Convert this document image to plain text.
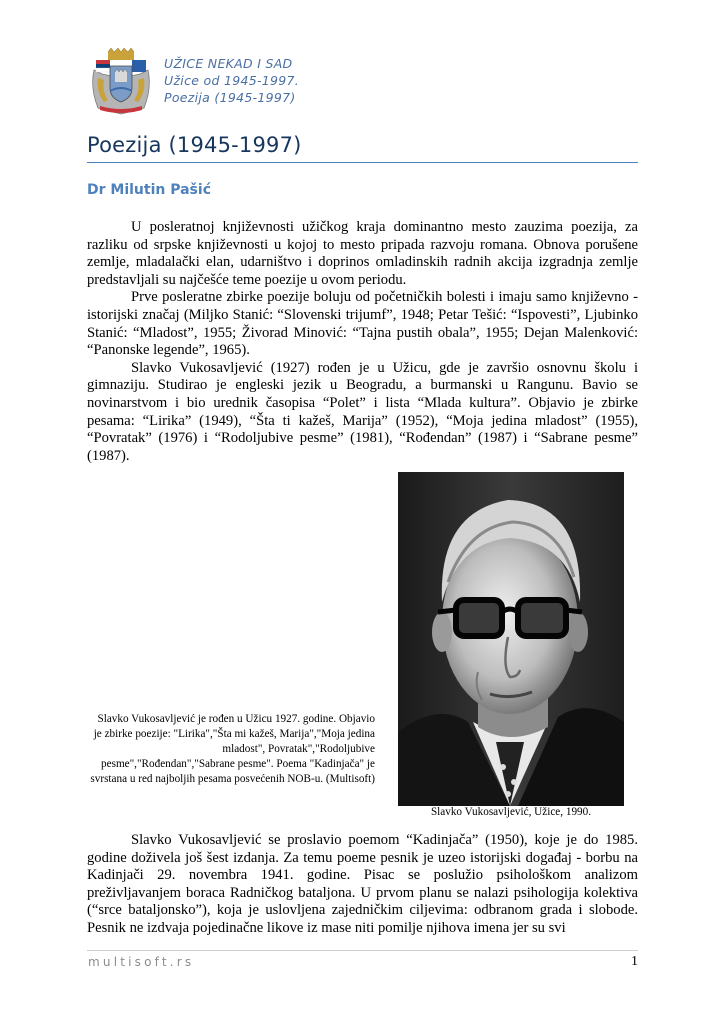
UŽICE NEKAD I SAD
Užice od 1945-1997.
Poezija (1945-1997)
Poezija (1945-1997)
Dr Milutin Pašić

U posleratnoj književnosti užičkog kraja dominantno mesto zauzima poezija, za razliku od srpske književnosti u kojoj to mesto pripada razvoju romana. Obnova porušene zemlje, mladalački elan, udarništvo i doprinos omladinskih radnih akcija izgradnja zemlje predstavljali su najčešće teme poezije u ovom periodu.

Prve posleratne zbirke poezije boluju od početničkih bolesti i imaju samo književno - istorijski značaj (Miljko Stanić: “Slovenski trijumf”, 1948; Petar Tešić: “Ispovesti”, Ljubinko Stanić: “Mladost”, 1955; Živorad Minović: “Tajna pustih obala”, 1955; Dejan Malenković: “Panonske legende”, 1965).

Slavko Vukosavljević (1927) rođen je u Užicu, gde je završio osnovnu školu i gimnaziju. Studirao je engleski jezik u Beogradu, a burmanski u Rangunu. Bavio se novinarstvom i bio urednik časopisa “Polet” i lista “Mlada kultura”. Objavio je zbirke pesama: “Lirika” (1949), “Šta ti kažeš, Marija” (1952), “Moja jedina mladost” (1955), “Povratak” (1976) i “Rodoljubive pesme” (1981), “Rođendan” (1987) i “Sabrane pesme” (1987).

Slavko Vukosavljević je rođen u Užicu 1927. godine. Objavio je zbirke poezije: "Lirika","Šta mi kažeš, Marija","Moja jedina mladost", Povratak","Rodoljubive pesme","Rođendan","Sabrane pesme". Poema "Kadinjača" je svrstana u red najboljih pesama posvećenih NOB-u. (Multisoft)
Slavko Vukosavljević, Užice, 1990.

Slavko Vukosavljević se proslavio poemom “Kadinjača” (1950), koje je do 1985. godine doživela još šest izdanja. Za temu poeme pesnik je uzeo istorijski događaj - borbu na Kadinjači 29. novembra 1941. godine. Pisac se poslužio psihološkom analizom preživljavanjem boraca Radničkog bataljona. U prvom planu se nalazi psihologija kolektiva (“srce bataljonsko”), koja je uslovljena zajedničkim ciljevima: odbranom grada i slobode. Pesnik ne izdvaja pojedinačne likove iz mase niti pomilje njihova imena jer su svi

multisoft.rs	1
